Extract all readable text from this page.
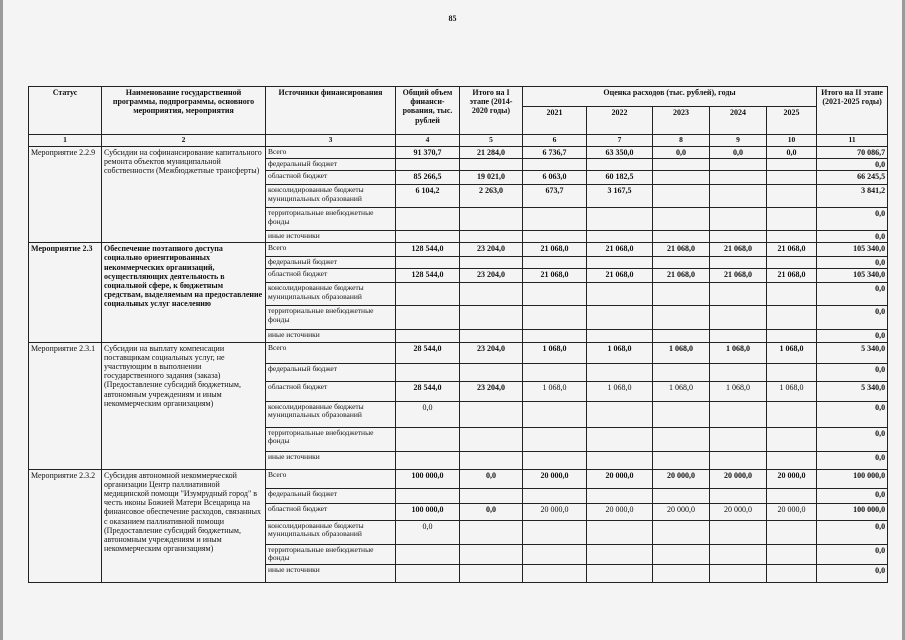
85
Статус	Наименование государственной программы, подпрограммы, основного мероприятия, мероприятия	Источники финансирования	Общий объем финанси-рования, тыс. рублей	Итого на I этапе (2014-2020 годы)	Оценка расходов (тыс. рублей), годы					Итого на II этапе (2021-2025 годы)
					2021	2022	2023	2024	2025	
1	2	3	4	5	6	7	8	9	10	11
Мероприятие 2.2.9	Субсидии на софинансирование капитального ремонта объектов муниципальной собственности (Межбюджетные трансферты)	Всего	91 370,7	21 284,0	6 736,7	63 350,0	0,0	0,0	0,0	70 086,7
		федеральный бюджет								0,0
		областной бюджет	85 266,5	19 021,0	6 063,0	60 182,5				66 245,5
		консолидированные бюджеты муниципальных образований	6 104,2	2 263,0	673,7	3 167,5				3 841,2
		территориальные внебюджетные фонды								0,0
		иные источники								0,0
Мероприятие 2.3	Обеспечение поэтапного доступа социально ориентированных некоммерческих организаций, осуществляющих деятельность в социальной сфере, к бюджетным средствам, выделяемым на предоставление социальных услуг населению	Всего	128 544,0	23 204,0	21 068,0	21 068,0	21 068,0	21 068,0	21 068,0	105 340,0
		федеральный бюджет								0,0
		областной бюджет	128 544,0	23 204,0	21 068,0	21 068,0	21 068,0	21 068,0	21 068,0	105 340,0
		консолидированные бюджеты муниципальных образований								0,0
		территориальные внебюджетные фонды								0,0
		иные источники								0,0
Мероприятие 2.3.1	Субсидии на выплату компенсации поставщикам социальных услуг, не участвующим в выполнении государственного задания (заказа) (Предоставление субсидий бюджетным, автономным учреждениям и иным некоммерческим организациям)	Всего	28 544,0	23 204,0	1 068,0	1 068,0	1 068,0	1 068,0	1 068,0	5 340,0
		федеральный бюджет								0,0
		областной бюджет	28 544,0	23 204,0	1 068,0	1 068,0	1 068,0	1 068,0	1 068,0	5 340,0
		консолидированные бюджеты муниципальных образований	0,0							0,0
		территориальные внебюджетные фонды								0,0
		иные источники								0,0
Мероприятие 2.3.2	Субсидия автономной некоммерческой организации Центр паллиативной медицинской помощи "Изумрудный город" в честь иконы Божией Матери Всецарица на финансовое обеспечение расходов, связанных с оказанием паллиативной помощи (Предоставление субсидий бюджетным, автономным учреждениям и иным некоммерческим организациям)	Всего	100 000,0	0,0	20 000,0	20 000,0	20 000,0	20 000,0	20 000,0	100 000,0
		федеральный бюджет								0,0
		областной бюджет	100 000,0	0,0	20 000,0	20 000,0	20 000,0	20 000,0	20 000,0	100 000,0
		консолидированные бюджеты муниципальных образований	0,0							0,0
		территориальные внебюджетные фонды								0,0
		иные источники								0,0
